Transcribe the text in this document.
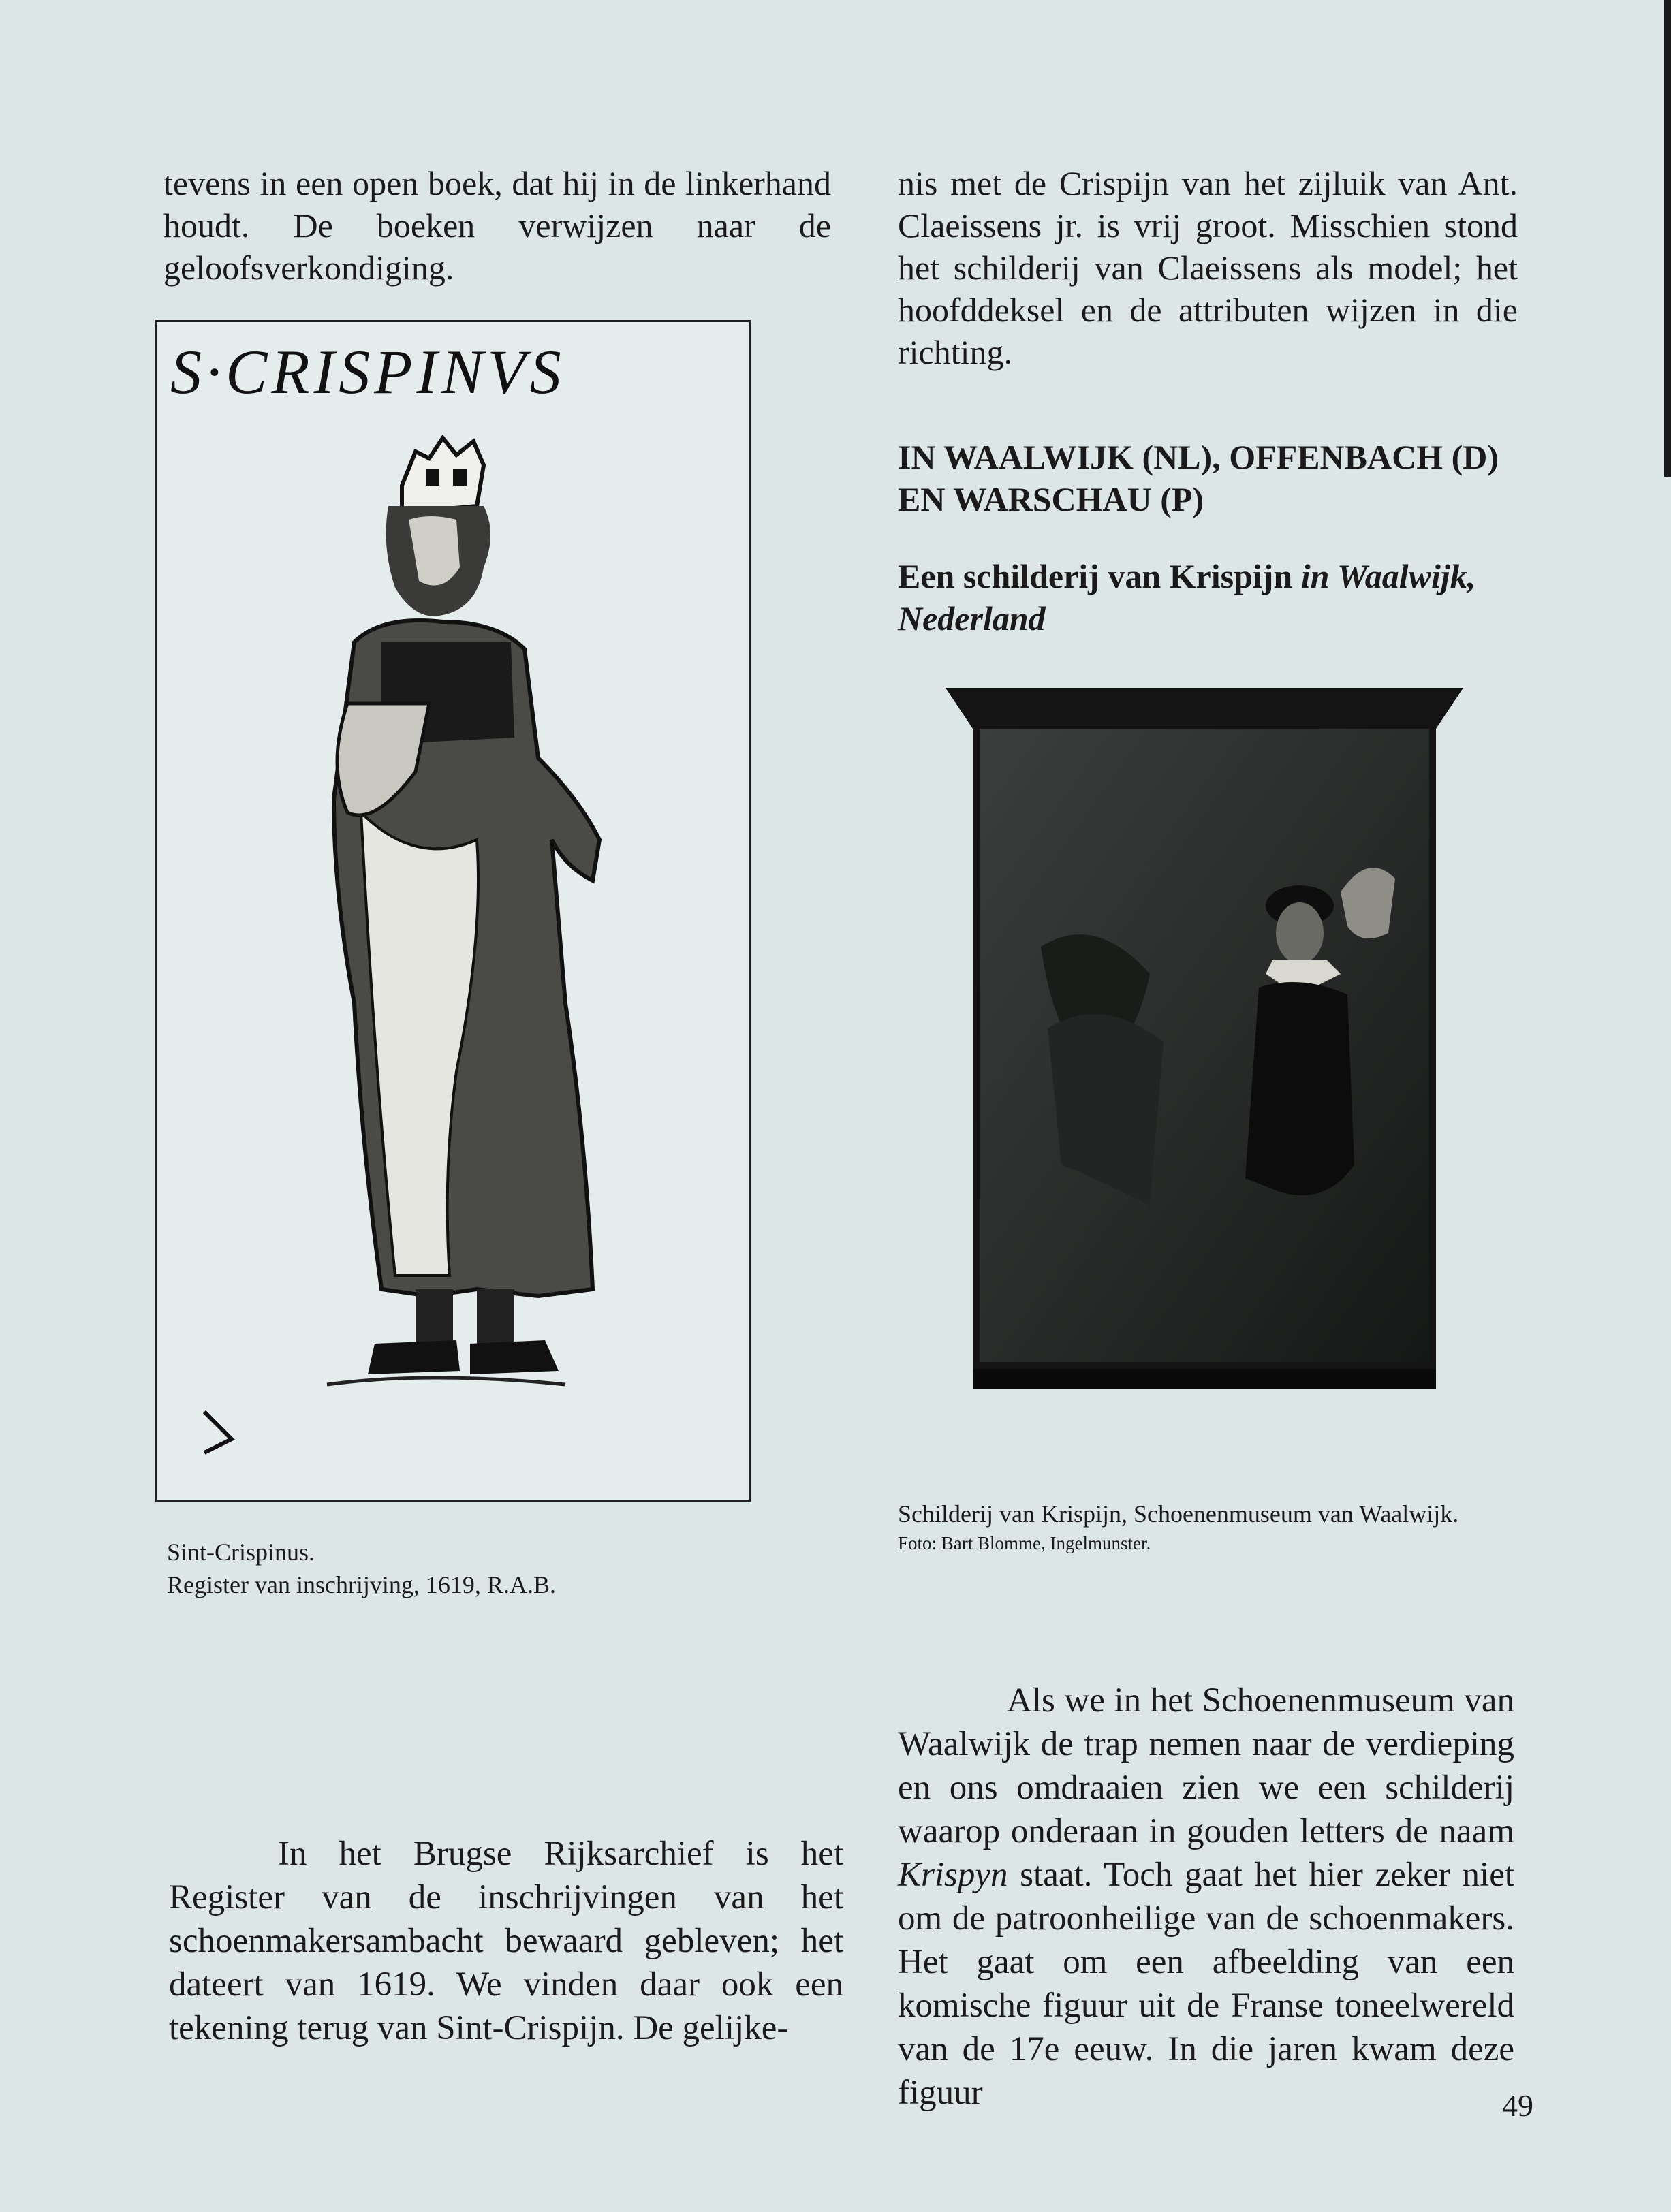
tevens in een open boek, dat hij in de linkerhand houdt. De boeken verwijzen naar de geloofsverkondiging.

nis met de Crispijn van het zijluik van Ant. Claeissens jr. is vrij groot. Misschien stond het schilderij van Claeissens als model; het hoofddeksel en de attributen wijzen in die richting.

IN WAALWIJK (NL), OFFENBACH (D)
EN WARSCHAU (P)
Een schilderij van Krispijn in Waalwijk, Nederland
S·CRISPINVS
Sint-Crispinus.
Register van inschrijving, 1619, R.A.B.
Schilderij van Krispijn, Schoenenmuseum van Waalwijk.
Foto: Bart Blomme, Ingelmunster.

In het Brugse Rijksarchief is het Register van de inschrijvingen van het schoenmakersambacht bewaard gebleven; het dateert van 1619. We vinden daar ook een tekening terug van Sint-Crispijn. De gelijke-

Als we in het Schoenenmuseum van Waalwijk de trap nemen naar de verdieping en ons omdraaien zien we een schilderij waarop onderaan in gouden letters de naam Krispyn staat. Toch gaat het hier zeker niet om de patroonheilige van de schoenmakers. Het gaat om een afbeelding van een komische figuur uit de Franse toneelwereld van de 17e eeuw. In die jaren kwam deze figuur	49
